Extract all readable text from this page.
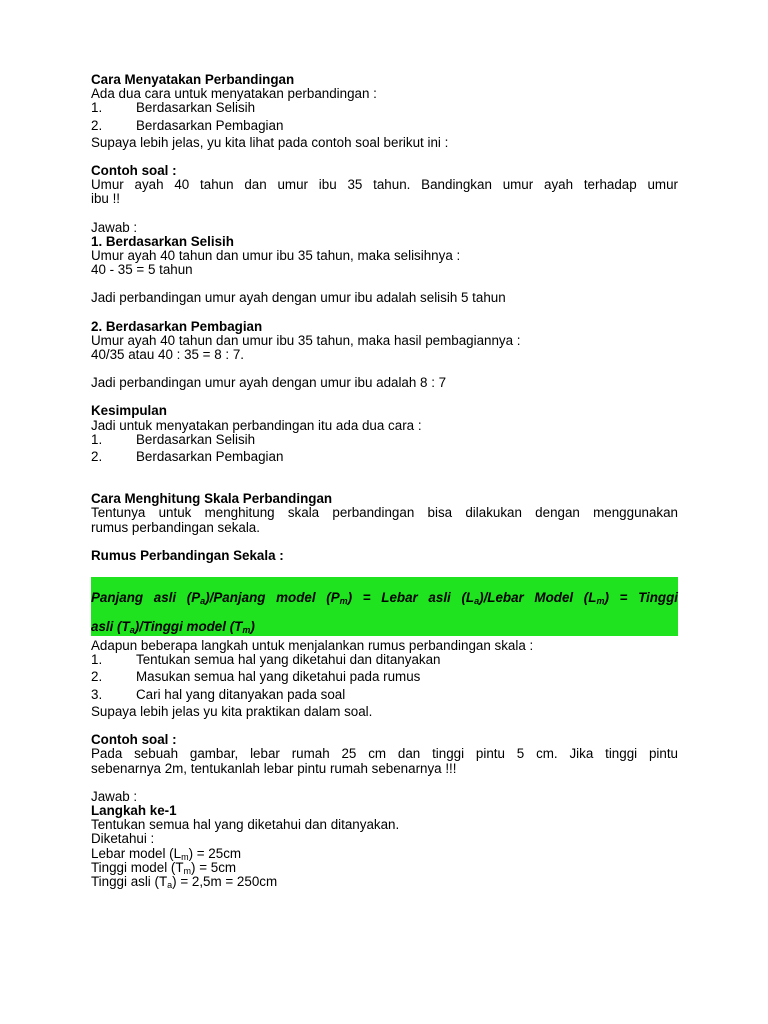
Cara Menyatakan Perbandingan
Ada dua cara untuk menyatakan perbandingan :
1.	Berdasarkan Selisih
2.	Berdasarkan Pembagian
Supaya lebih jelas, yu kita lihat pada contoh soal berikut ini :
Contoh soal :
Umur ayah 40 tahun dan umur ibu 35 tahun. Bandingkan umur ayah terhadap umur
ibu !!
Jawab :
1. Berdasarkan Selisih
Umur ayah 40 tahun dan umur ibu 35 tahun, maka selisihnya :
40 - 35 = 5 tahun
Jadi perbandingan umur ayah dengan umur ibu adalah selisih 5 tahun
2. Berdasarkan Pembagian
Umur ayah 40 tahun dan umur ibu 35 tahun, maka hasil pembagiannya :
40/35 atau 40 : 35 = 8 : 7.
Jadi perbandingan umur ayah dengan umur ibu adalah 8 : 7
Kesimpulan
Jadi untuk menyatakan perbandingan itu ada dua cara :
1.	Berdasarkan Selisih
2.	Berdasarkan Pembagian
Cara Menghitung Skala Perbandingan
Tentunya untuk menghitung skala perbandingan bisa dilakukan dengan menggunakan
rumus perbandingan sekala.
Rumus Perbandingan Sekala :
Panjang asli $(P_a)$/Panjang model $(P_m)$ = Lebar asli $(L_a)$/Lebar Model $(L_m)$ = Tinggi
asli $(T_a)$/Tinggi model $(T_m)$
Adapun beberapa langkah untuk menjalankan rumus perbandingan skala :
1.	Tentukan semua hal yang diketahui dan ditanyakan
2.	Masukan semua hal yang diketahui pada rumus
3.	Cari hal yang ditanyakan pada soal
Supaya lebih jelas yu kita praktikan dalam soal.
Contoh soal :
Pada sebuah gambar, lebar rumah 25 cm dan tinggi pintu 5 cm. Jika tinggi pintu
sebenarnya 2m, tentukanlah lebar pintu rumah sebenarnya !!!
Jawab :
Langkah ke-1
Tentukan semua hal yang diketahui dan ditanyakan.
Diketahui :
Lebar model $(L_m) = 25cm$
Tinggi model $(T_m) = 5cm$
Tinggi asli $(T_a) = 2,5m = 250cm$
